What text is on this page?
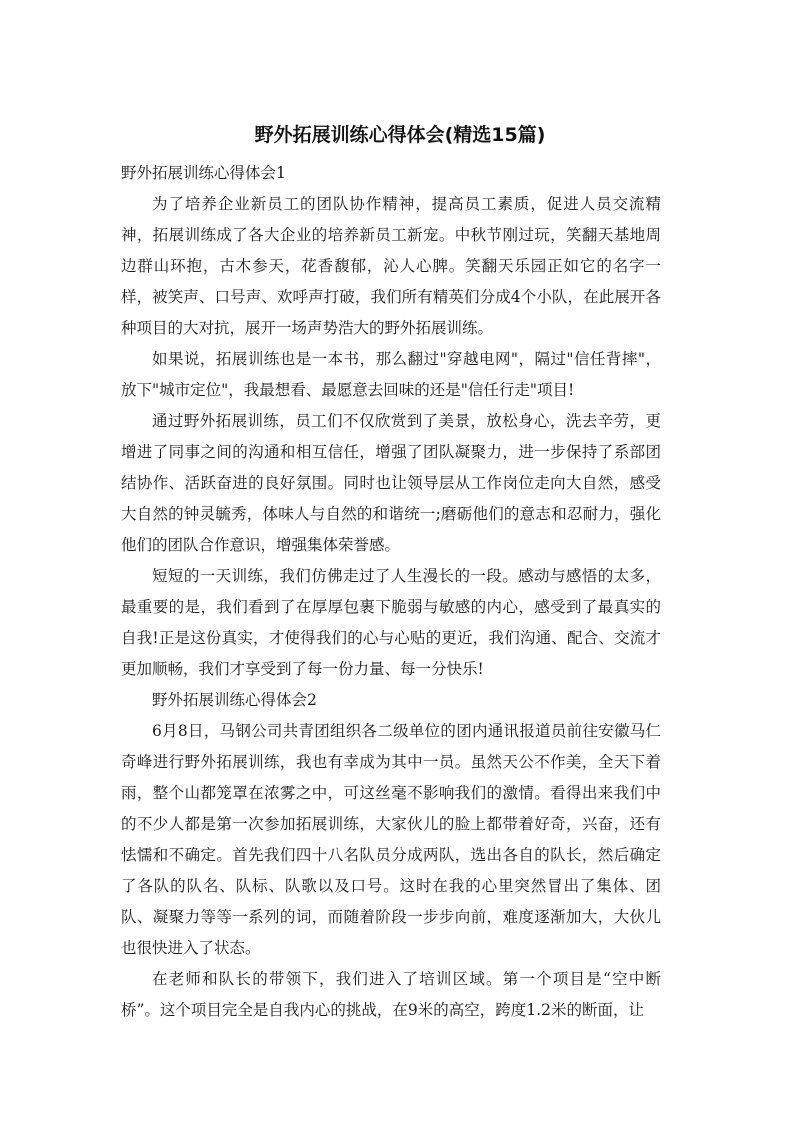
野外拓展训练心得体会(精选15篇)

野外拓展训练心得体会1

为了培养企业新员工的团队协作精神，提高员工素质，促进人员交流精神，拓展训练成了各大企业的培养新员工新宠。中秋节刚过玩，笑翻天基地周边群山环抱，古木参天，花香馥郁，沁人心脾。笑翻天乐园正如它的名字一样，被笑声、口号声、欢呼声打破，我们所有精英们分成4个小队，在此展开各种项目的大对抗，展开一场声势浩大的野外拓展训练。

如果说，拓展训练也是一本书，那么翻过"穿越电网"，隔过"信任背摔"，放下"城市定位"，我最想看、最愿意去回味的还是"信任行走"项目!

通过野外拓展训练，员工们不仅欣赏到了美景，放松身心，洗去辛劳，更增进了同事之间的沟通和相互信任，增强了团队凝聚力，进一步保持了系部团结协作、活跃奋进的良好氛围。同时也让领导层从工作岗位走向大自然，感受大自然的钟灵毓秀，体味人与自然的和谐统一;磨砺他们的意志和忍耐力，强化他们的团队合作意识，增强集体荣誉感。

短短的一天训练，我们仿佛走过了人生漫长的一段。感动与感悟的太多，最重要的是，我们看到了在厚厚包裹下脆弱与敏感的内心，感受到了最真实的自我!正是这份真实，才使得我们的心与心贴的更近，我们沟通、配合、交流才更加顺畅，我们才享受到了每一份力量、每一分快乐!

野外拓展训练心得体会2

6月8日，马钢公司共青团组织各二级单位的团内通讯报道员前往安徽马仁奇峰进行野外拓展训练，我也有幸成为其中一员。虽然天公不作美，全天下着雨，整个山都笼罩在浓雾之中，可这丝毫不影响我们的激情。看得出来我们中的不少人都是第一次参加拓展训练，大家伙儿的脸上都带着好奇，兴奋，还有怯懦和不确定。首先我们四十八名队员分成两队，选出各自的队长，然后确定了各队的队名、队标、队歌以及口号。这时在我的心里突然冒出了集体、团队、凝聚力等等一系列的词，而随着阶段一步步向前，难度逐渐加大，大伙儿也很快进入了状态。

在老师和队长的带领下，我们进入了培训区域。第一个项目是“空中断桥”。这个项目完全是自我内心的挑战，在9米的高空，跨度1.2米的断面，让
